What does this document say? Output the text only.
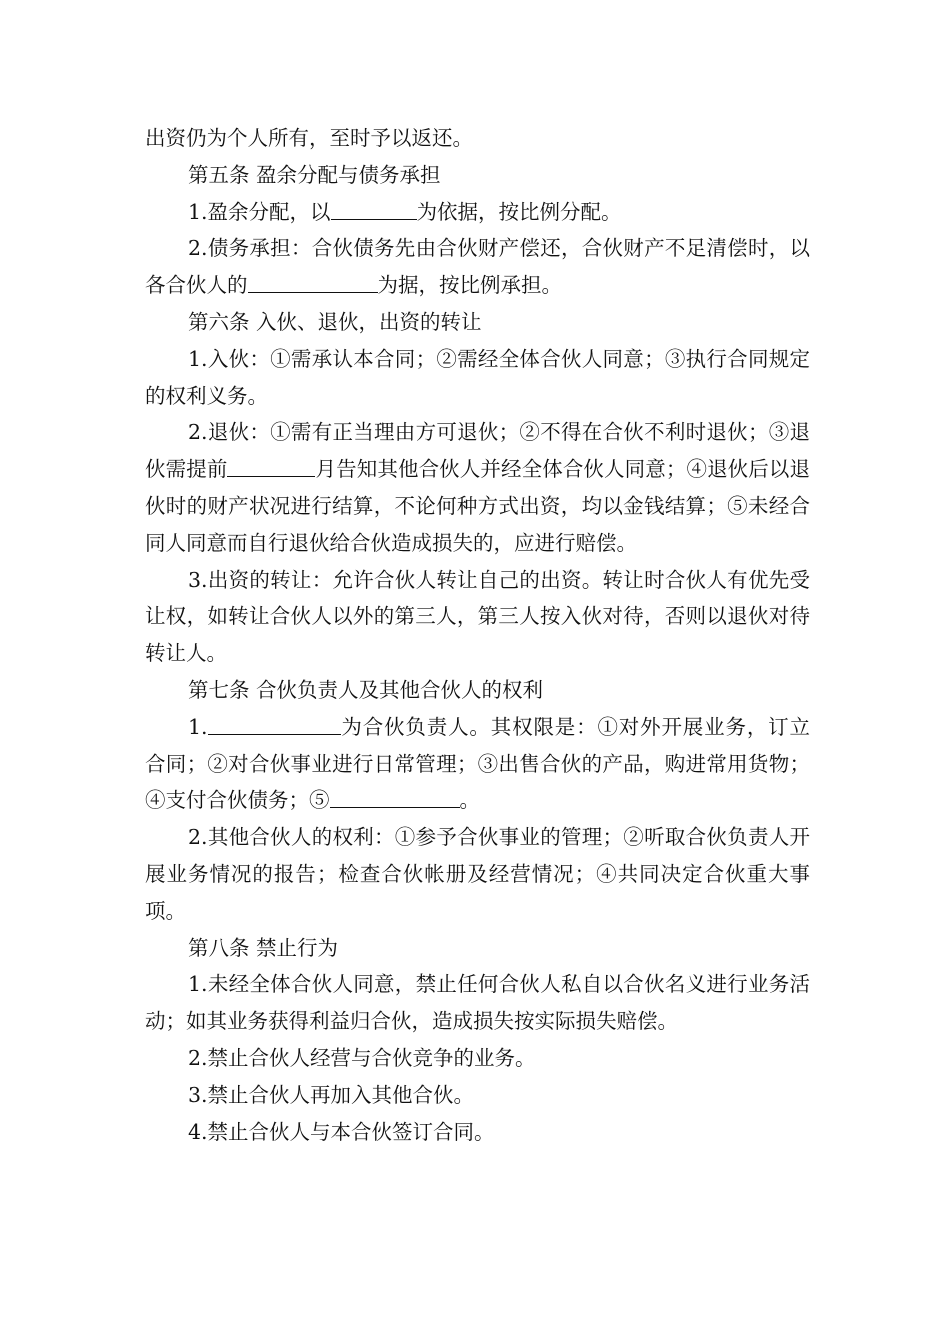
出资仍为个人所有，至时予以返还。

第五条 盈余分配与债务承担

1.盈余分配，以	为依据，按比例分配。

2.债务承担：合伙债务先由合伙财产偿还，合伙财产不足清偿时，以各合伙人的	为据，按比例承担。

第六条 入伙、退伙，出资的转让

1.入伙：①需承认本合同；②需经全体合伙人同意；③执行合同规定的权利义务。

2.退伙：①需有正当理由方可退伙；②不得在合伙不利时退伙；③退伙需提前	月告知其他合伙人并经全体合伙人同意；④退伙后以退伙时的财产状况进行结算，不论何种方式出资，均以金钱结算；⑤未经合同人同意而自行退伙给合伙造成损失的，应进行赔偿。

3.出资的转让：允许合伙人转让自己的出资。转让时合伙人有优先受让权，如转让合伙人以外的第三人，第三人按入伙对待，否则以退伙对待转让人。

第七条 合伙负责人及其他合伙人的权利

1.	为合伙负责人。其权限是：①对外开展业务，订立合同；②对合伙事业进行日常管理；③出售合伙的产品，购进常用货物；④支付合伙债务；⑤	。

2.其他合伙人的权利：①参予合伙事业的管理；②听取合伙负责人开展业务情况的报告；检查合伙帐册及经营情况；④共同决定合伙重大事项。

第八条 禁止行为

1.未经全体合伙人同意，禁止任何合伙人私自以合伙名义进行业务活动；如其业务获得利益归合伙，造成损失按实际损失赔偿。

2.禁止合伙人经营与合伙竞争的业务。

3.禁止合伙人再加入其他合伙。

4.禁止合伙人与本合伙签订合同。
